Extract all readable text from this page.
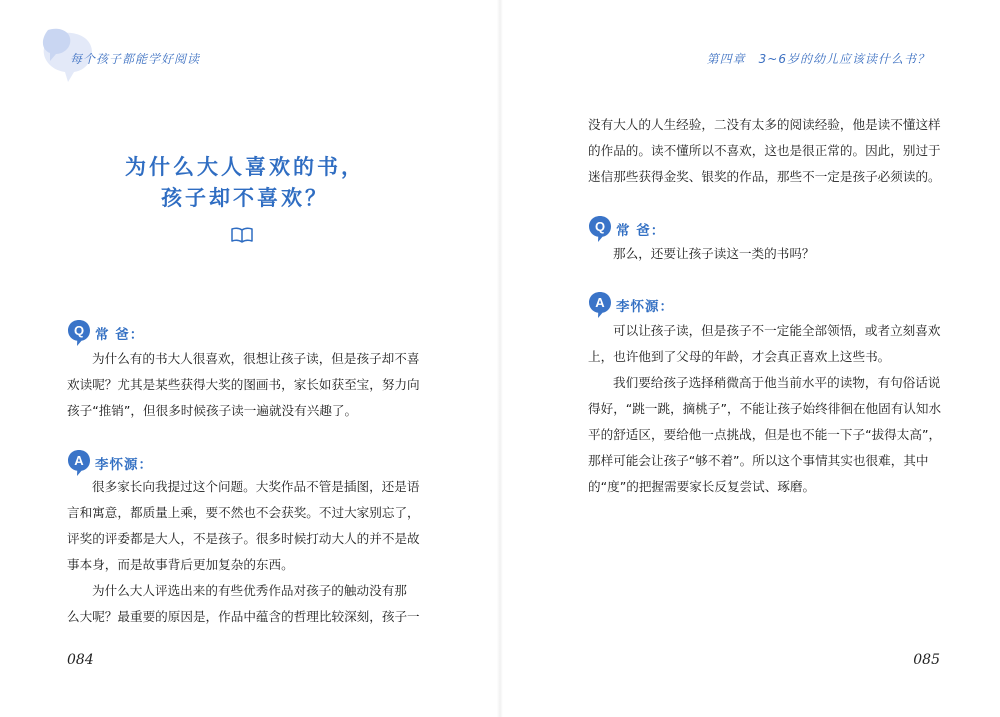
每个孩子都能学好阅读
为什么大人喜欢的书，
孩子却不喜欢？
Q 常 爸：
为什么有的书大人很喜欢，很想让孩子读，但是孩子却不喜
欢读呢？尤其是某些获得大奖的图画书，家长如获至宝，努力向
孩子“推销”，但很多时候孩子读一遍就没有兴趣了。
A 李怀源：
很多家长向我提过这个问题。大奖作品不管是插图，还是语
言和寓意，都质量上乘，要不然也不会获奖。不过大家别忘了，
评奖的评委都是大人，不是孩子。很多时候打动大人的并不是故
事本身，而是故事背后更加复杂的东西。
为什么大人评选出来的有些优秀作品对孩子的触动没有那
么大呢？最重要的原因是，作品中蕴含的哲理比较深刻，孩子一
084
第四章　3~6岁的幼儿应该读什么书？
没有大人的人生经验，二没有太多的阅读经验，他是读不懂这样
的作品的。读不懂所以不喜欢，这也是很正常的。因此，别过于
迷信那些获得金奖、银奖的作品，那些不一定是孩子必须读的。
Q 常 爸：
那么，还要让孩子读这一类的书吗？
A 李怀源：
可以让孩子读，但是孩子不一定能全部领悟，或者立刻喜欢
上，也许他到了父母的年龄，才会真正喜欢上这些书。
我们要给孩子选择稍微高于他当前水平的读物，有句俗话说
得好，“跳一跳，摘桃子”，不能让孩子始终徘徊在他固有认知水
平的舒适区，要给他一点挑战，但是也不能一下子“拔得太高”，
那样可能会让孩子“够不着”。所以这个事情其实也很难，其中
的“度”的把握需要家长反复尝试、琢磨。
085
